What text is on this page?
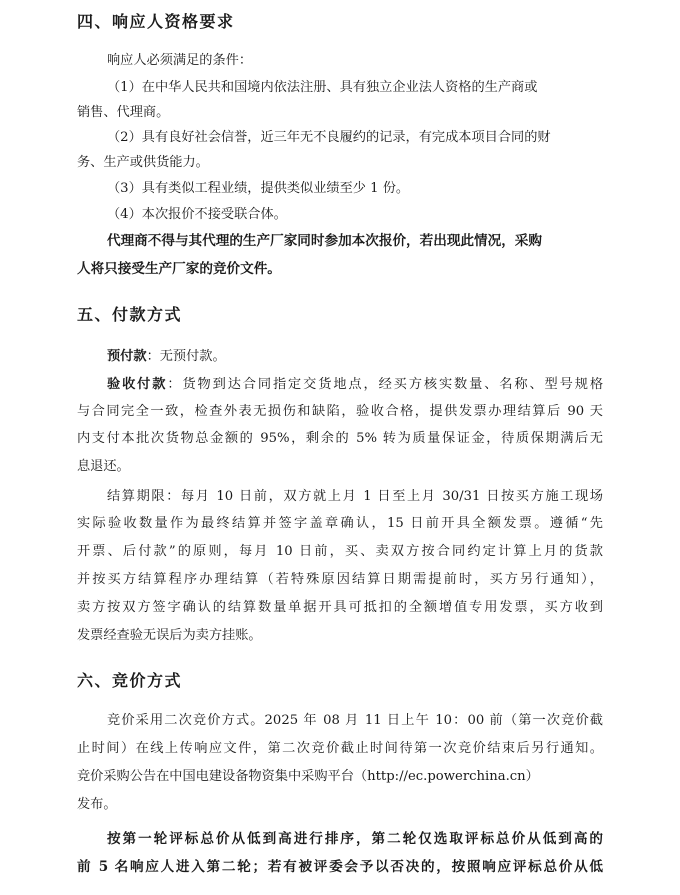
四、响应人资格要求

响应人必须满足的条件：

（1）在中华人民共和国境内依法注册、具有独立企业法人资格的生产商或

销售、代理商。

（2）具有良好社会信誉，近三年无不良履约的记录，有完成本项目合同的财

务、生产或供货能力。

（3）具有类似工程业绩，提供类似业绩至少 1 份。

（4）本次报价不接受联合体。

代理商不得与其代理的生产厂家同时参加本次报价，若出现此情况，采购

人将只接受生产厂家的竞价文件。

五、付款方式

预付款：无预付款。

验收付款：货物到达合同指定交货地点，经买方核实数量、名称、型号规格

与合同完全一致，检查外表无损伤和缺陷，验收合格，提供发票办理结算后 90 天

内支付本批次货物总金额的 95%，剩余的 5% 转为质量保证金，待质保期满后无

息退还。

结算期限：每月 10 日前，双方就上月 1 日至上月 30/31 日按买方施工现场

实际验收数量作为最终结算并签字盖章确认，15 日前开具全额发票。遵循“先

开票、后付款”的原则，每月 10 日前，买、卖双方按合同约定计算上月的货款

并按买方结算程序办理结算（若特殊原因结算日期需提前时，买方另行通知），

卖方按双方签字确认的结算数量单据开具可抵扣的全额增值专用发票，买方收到

发票经查验无误后为卖方挂账。

六、竞价方式

竞价采用二次竞价方式。2025 年 08 月 11 日上午 10：00 前（第一次竞价截

止时间）在线上传响应文件，第二次竞价截止时间待第一次竞价结束后另行通知。

竞价采购公告在中国电建设备物资集中采购平台（http://ec.powerchina.cn）

发布。

按第一轮评标总价从低到高进行排序，第二轮仅选取评标总价从低到高的

前 5 名响应人进入第二轮；若有被评委会予以否决的，按照响应评标总价从低
